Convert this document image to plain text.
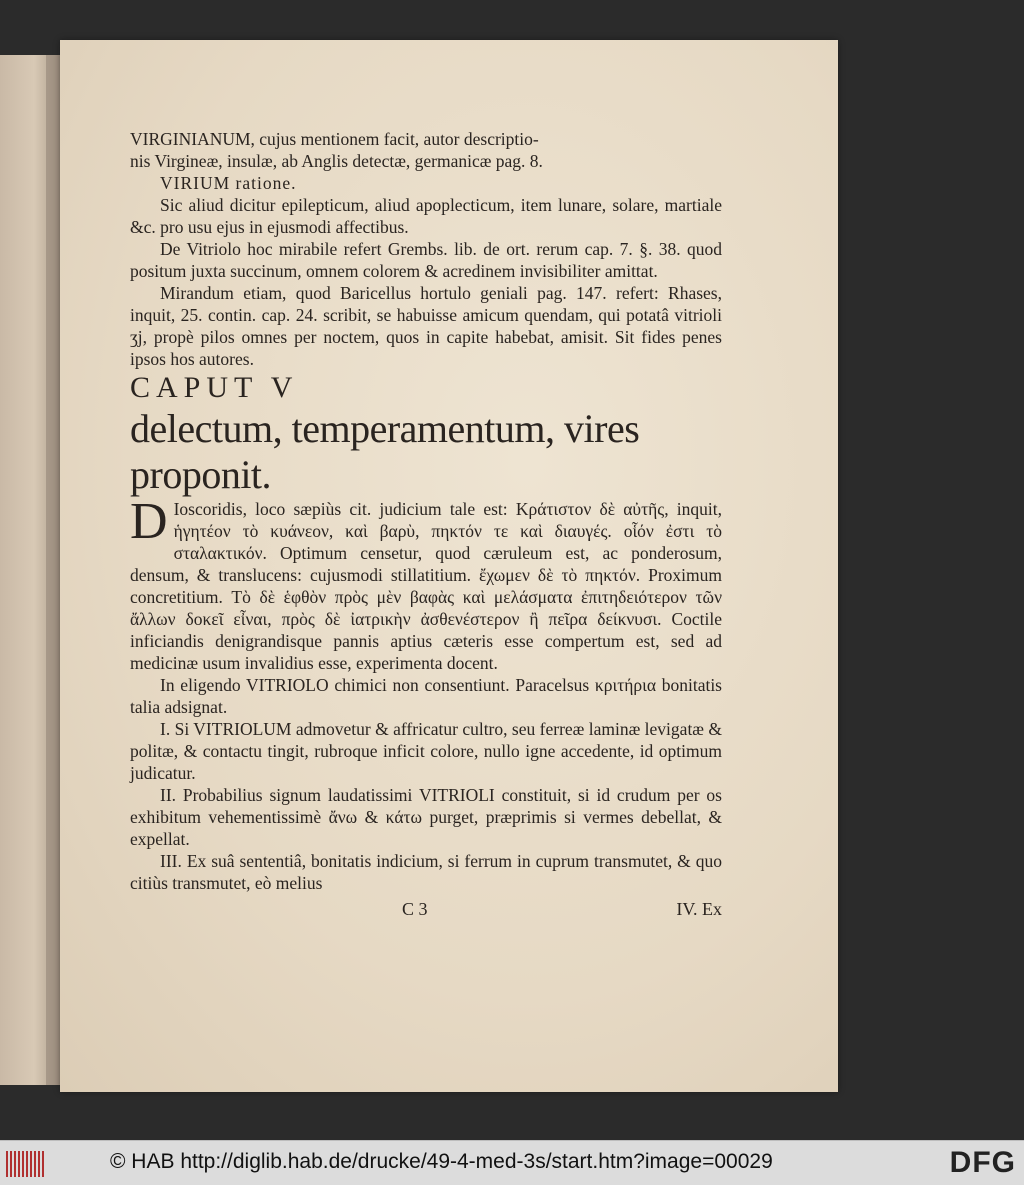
VIRGINIANUM, cujus mentionem facit, autor descriptio-

nis Virgineæ, insulæ, ab Anglis detectæ, germanicæ pag. 8.

VIRIUM ratione.

Sic aliud dicitur epilepticum, aliud apoplecticum, item lunare, solare, martiale &c. pro usu ejus in ejusmodi affectibus.

De Vitriolo hoc mirabile refert Grembs. lib. de ort. rerum cap. 7. §. 38. quod positum juxta succinum, omnem colorem & acredinem invisibiliter amittat.

Mirandum etiam, quod Baricellus hortulo geniali pag. 147. refert: Rhases, inquit, 25. contin. cap. 24. scribit, se habuisse amicum quendam, qui potatâ vitrioli ʒj, propè pilos omnes per noctem, quos in capite habebat, amisit. Sit fides penes ipsos hos autores.

CAPUT V

delectum, temperamentum, vires

proponit.

D Ioscoridis, loco sæpiùs cit. judicium tale est: Κράτιστον δὲ αὐτῆς, inquit, ἡγητέον τὸ κυάνεον, καὶ βαρὺ, πηκτόν τε καὶ διαυγές. οἷόν ἐστι τὸ σταλακτικόν. Optimum censetur, quod cæruleum est, ac ponderosum, densum, & translucens: cujusmodi stillatitium. ἔχωμεν δὲ τὸ πηκτόν. Proximum concretitium. Τὸ δὲ ἑφθὸν πρὸς μὲν βαφὰς καὶ μελάσματα ἐπιτηδειότερον τῶν ἄλλων δοκεῖ εἶναι, πρὸς δὲ ἰατρικὴν ἀσθενέστερον ἢ πεῖρα δείκνυσι. Coctile inficiandis denigrandisque pannis aptius cæteris esse compertum est, sed ad medicinæ usum invalidius esse, experimenta docent.

In eligendo VITRIOLO chimici non consentiunt. Paracelsus κριτήρια bonitatis talia adsignat.

I. Si VITRIOLUM admovetur & affricatur cultro, seu ferreæ laminæ levigatæ & politæ, & contactu tingit, rubroque inficit colore, nullo igne accedente, id optimum judicatur.

II. Probabilius signum laudatissimi VITRIOLI constituit, si id crudum per os exhibitum vehementissimè ἄνω & κάτω purget, præprimis si vermes debellat, & expellat.

III. Ex suâ sententiâ, bonitatis indicium, si ferrum in cuprum transmutet, & quo citiùs transmutet, eò melius

C 3	IV. Ex
© HAB http://diglib.hab.de/drucke/49-4-med-3s/start.htm?image=00029	DFG
